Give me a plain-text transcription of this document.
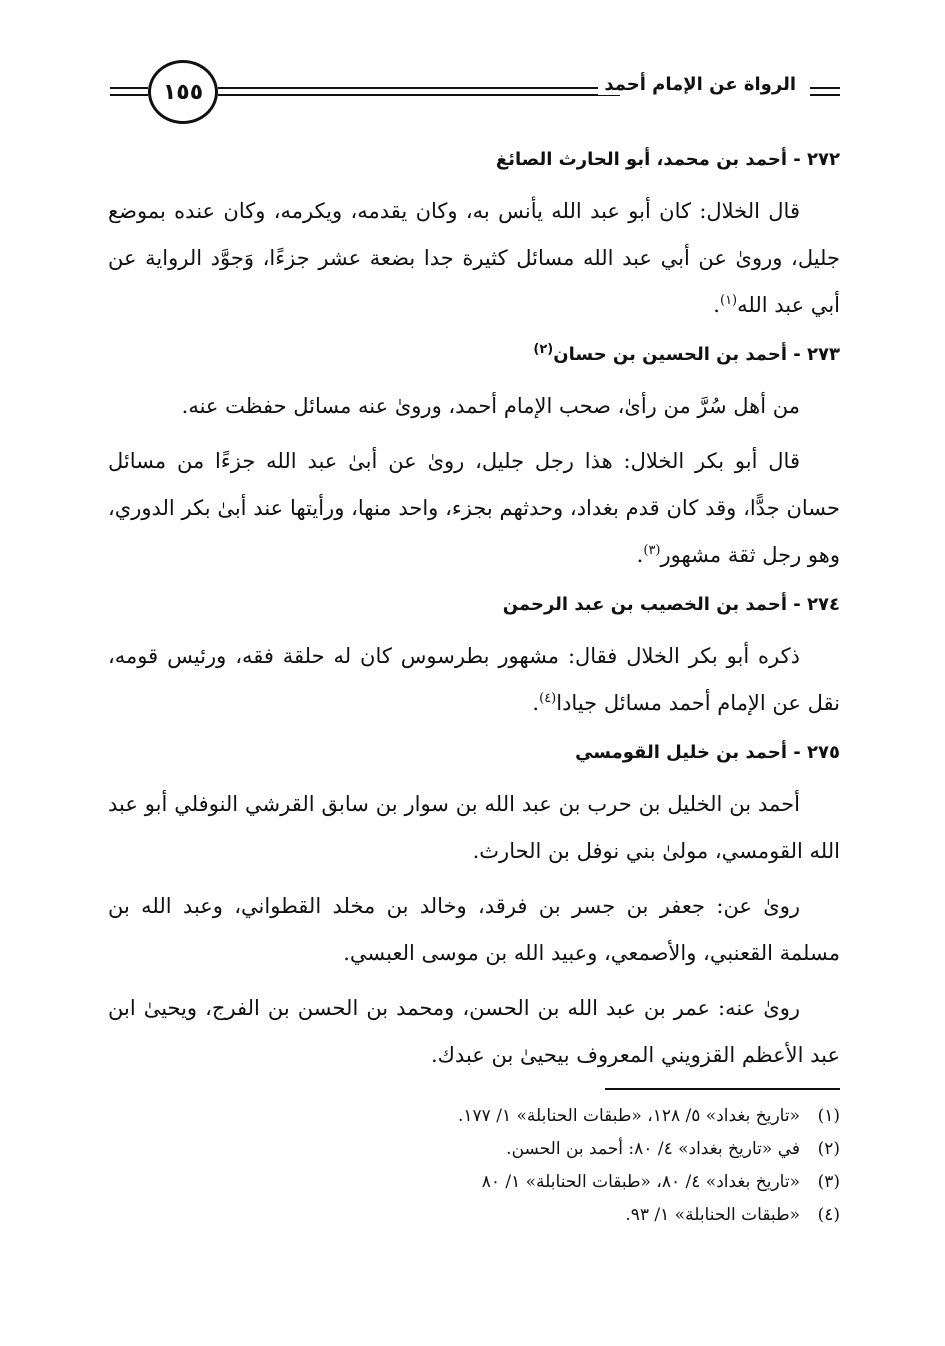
١٥٥	الرواة عن الإمام أحمد
٢٧٢ - أحمد بن محمد، أبو الحارث الصائغ

قال الخلال: كان أبو عبد الله يأنس به، وكان يقدمه، ويكرمه، وكان عنده بموضع جليل، وروىٰ عن أبي عبد الله مسائل كثيرة جدا بضعة عشر جزءًا، وَجوَّد الرواية عن أبي عبد الله$^{(١)}$.

٢٧٣ - أحمد بن الحسين بن حسان$^{(٢)}$

من أهل سُرَّ من رأىٰ، صحب الإمام أحمد، وروىٰ عنه مسائل حفظت عنه.

قال أبو بكر الخلال: هذا رجل جليل، روىٰ عن أبىٰ عبد الله جزءًا من مسائل حسان جدًّا، وقد كان قدم بغداد، وحدثهم بجزء، واحد منها، ورأيتها عند أبىٰ بكر الدوري، وهو رجل ثقة مشهور$^{(٣)}$.

٢٧٤ - أحمد بن الخصيب بن عبد الرحمن

ذكره أبو بكر الخلال فقال: مشهور بطرسوس كان له حلقة فقه، ورئيس قومه، نقل عن الإمام أحمد مسائل جيادا$^{(٤)}$.

٢٧٥ - أحمد بن خليل القومسي

أحمد بن الخليل بن حرب بن عبد الله بن سوار بن سابق القرشي النوفلي أبو عبد الله القومسي، مولىٰ بني نوفل بن الحارث.

روىٰ عن: جعفر بن جسر بن فرقد، وخالد بن مخلد القطواني، وعبد الله بن مسلمة القعنبي، والأصمعي، وعبيد الله بن موسى العبسي.

روىٰ عنه: عمر بن عبد الله بن الحسن، ومحمد بن الحسن بن الفرج، ويحيىٰ ابن عبد الأعظم القزويني المعروف بيحيىٰ بن عبدك.

(١)«تاريخ بغداد» ٥/ ١٢٨، «طبقات الحنابلة» ١/ ١٧٧.

(٢)في «تاريخ بغداد» ٤/ ٨٠: أحمد بن الحسن.

(٣)«تاريخ بغداد» ٤/ ٨٠، «طبقات الحنابلة» ١/ ٨٠

(٤)«طبقات الحنابلة» ١/ ٩٣.
